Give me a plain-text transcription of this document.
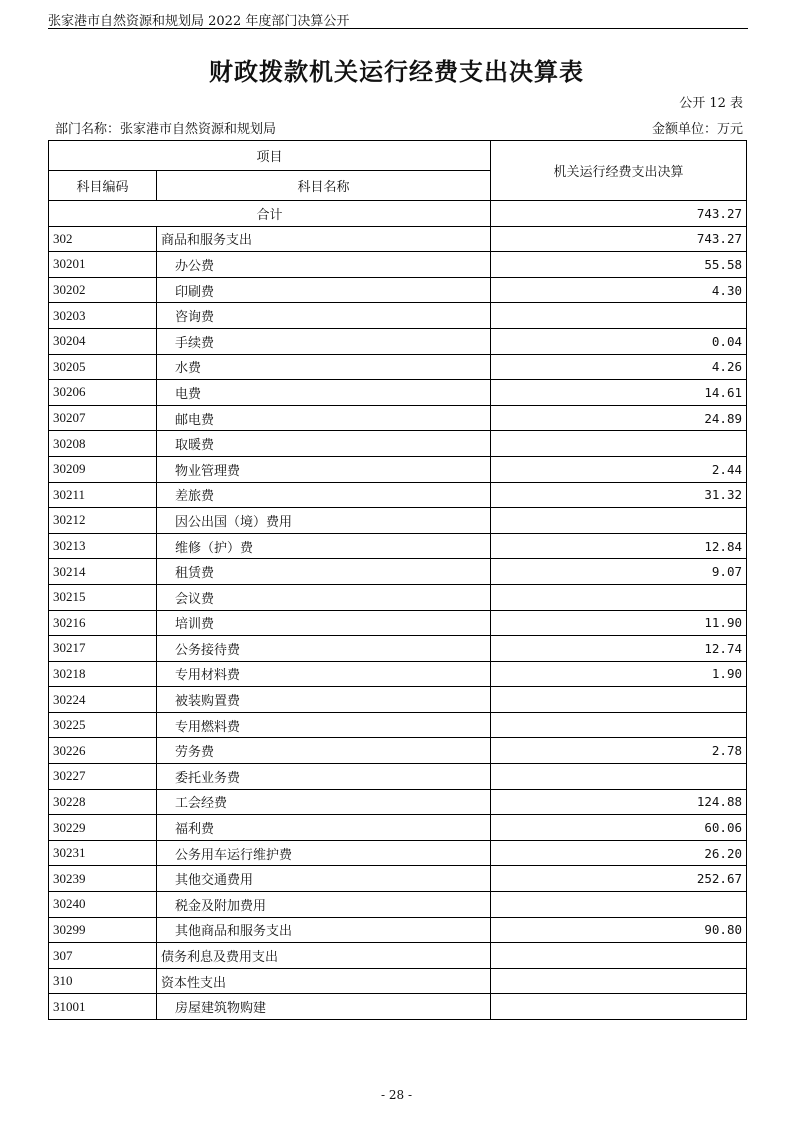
张家港市自然资源和规划局 2022 年度部门决算公开
财政拨款机关运行经费支出决算表
公开 12 表
部门名称：张家港市自然资源和规划局	金额单位：万元
项目		机关运行经费支出决算
科目编码	科目名称	
合计		743.27
302	商品和服务支出	743.27
30201	办公费	55.58
30202	印刷费	4.30
30203	咨询费	
30204	手续费	0.04
30205	水费	4.26
30206	电费	14.61
30207	邮电费	24.89
30208	取暖费	
30209	物业管理费	2.44
30211	差旅费	31.32
30212	因公出国（境）费用	
30213	维修（护）费	12.84
30214	租赁费	9.07
30215	会议费	
30216	培训费	11.90
30217	公务接待费	12.74
30218	专用材料费	1.90
30224	被装购置费	
30225	专用燃料费	
30226	劳务费	2.78
30227	委托业务费	
30228	工会经费	124.88
30229	福利费	60.06
30231	公务用车运行维护费	26.20
30239	其他交通费用	252.67
30240	税金及附加费用	
30299	其他商品和服务支出	90.80
307	债务利息及费用支出	
310	资本性支出	
31001	房屋建筑物购建	
- 28 -
